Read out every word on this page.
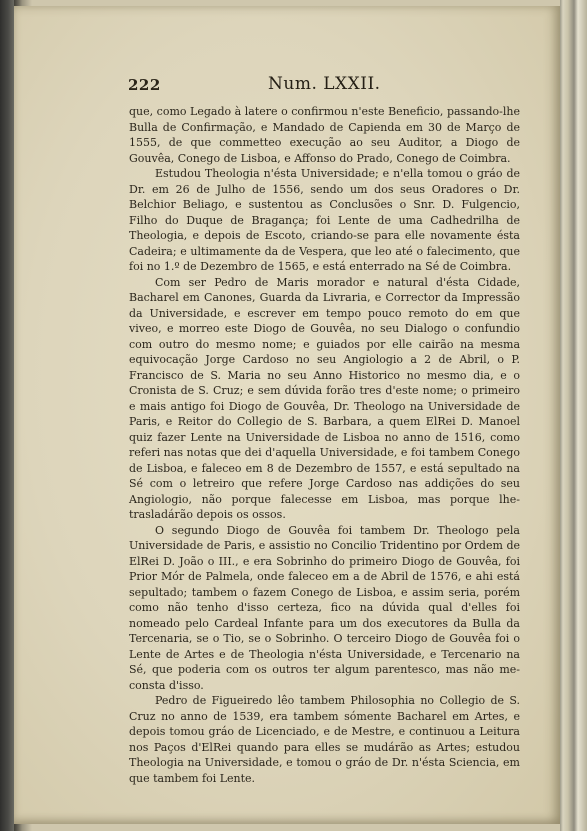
222	Num. LXXII.

que, como Legado à latere o confirmou n'este Beneficio, passando-lhe Bulla de Confirmação, e Mandado de Capienda em 30 de Março de 1555, de que commetteo execução ao seu Auditor, a Diogo de Gouvêa, Conego de Lisboa, e Affonso do Prado, Conego de Coimbra.

Estudou Theologia n'ésta Universidade; e n'ella tomou o gráo de Dr. em 26 de Julho de 1556, sendo um dos seus Oradores o Dr. Belchior Beliago, e sustentou as Conclusões o Snr. D. Fulgencio, Filho do Duque de Bragança; foi Lente de uma Cadhedrilha de Theologia, e depois de Escoto, criando-se para elle novamente ésta Cadeira; e ultimamente da de Vespera, que leo até o falecimento, que foi no 1.º de Dezembro de 1565, e está enterrado na Sé de Coimbra.

Com ser Pedro de Maris morador e natural d'ésta Cidade, Bacharel em Canones, Guarda da Livraria, e Corrector da Impressão da Universidade, e escrever em tempo pouco remoto do em que viveo, e morreo este Diogo de Gouvêa, no seu Dialogo o confundio com outro do mesmo nome; e guiados por elle cairão na mesma equivocação Jorge Cardoso no seu Angiologio a 2 de Abril, o P. Francisco de S. Maria no seu Anno Historico no mesmo dia, e o Cronista de S. Cruz; e sem dúvida forão tres d'este nome; o primeiro e mais antigo foi Diogo de Gouvêa, Dr. Theologo na Universidade de Paris, e Reitor do Collegio de S. Barbara, a quem ElRei D. Manoel quiz fazer Lente na Universidade de Lisboa no anno de 1516, como referi nas notas que dei d'aquella Universidade, e foi tambem Conego de Lisboa, e faleceo em 8 de Dezembro de 1557, e está sepultado na Sé com o letreiro que refere Jorge Cardoso nas addições do seu Angiologio, não porque falecesse em Lisboa, mas porque lhe-trasladárão depois os ossos.

O segundo Diogo de Gouvêa foi tambem Dr. Theologo pela Universidade de Paris, e assistio no Concilio Tridentino por Ordem de ElRei D. João o III., e era Sobrinho do primeiro Diogo de Gouvêa, foi Prior Mór de Palmela, onde faleceo em a de Abril de 1576, e ahi está sepultado; tambem o fazem Conego de Lisboa, e assim seria, porém como não tenho d'isso certeza, fico na dúvida qual d'elles foi nomeado pelo Cardeal Infante para um dos executores da Bulla da Tercenaria, se o Tio, se o Sobrinho. O terceiro Diogo de Gouvêa foi o Lente de Artes e de Theologia n'ésta Universidade, e Tercenario na Sé, que poderia com os outros ter algum parentesco, mas não me-consta d'isso.

Pedro de Figueiredo lêo tambem Philosophia no Collegio de S. Cruz no anno de 1539, era tambem sómente Bacharel em Artes, e depois tomou gráo de Licenciado, e de Mestre, e continuou a Leitura nos Paços d'ElRei quando para elles se mudárão as Artes; estudou Theologia na Universidade, e tomou o gráo de Dr. n'ésta Sciencia, em que tambem foi Lente.
